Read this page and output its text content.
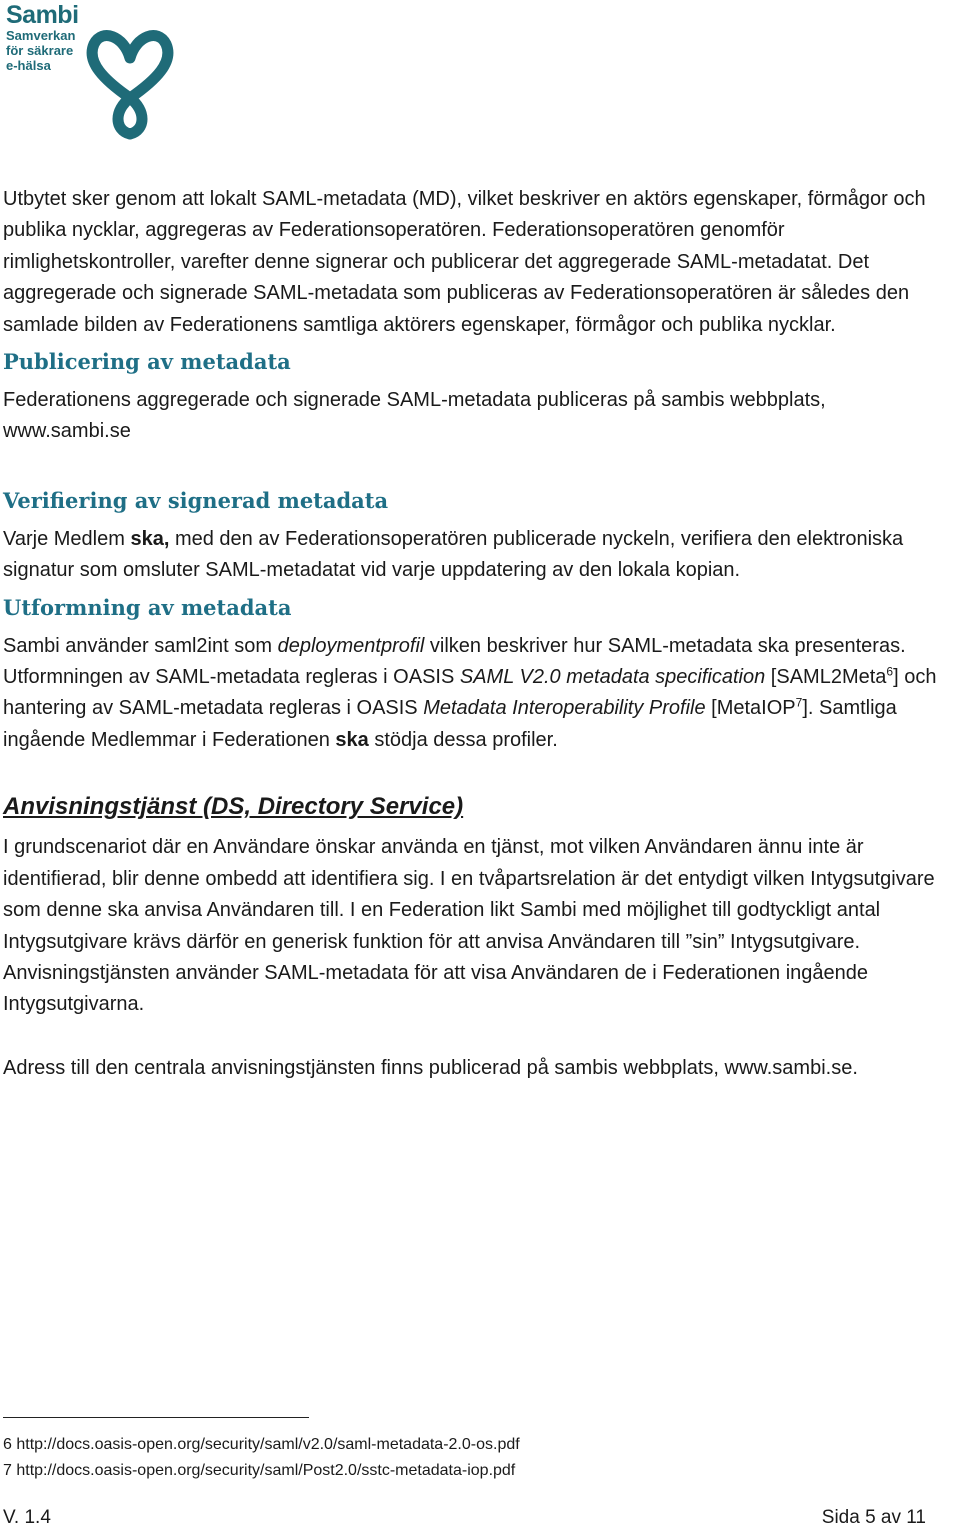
Sambi
Samverkan
för säkrare
e-hälsa

Utbytet sker genom att lokalt SAML-metadata (MD), vilket beskriver en aktörs egenskaper, förmågor och publika nycklar, aggregeras av Federationsoperatören. Federationsoperatören genomför rimlighetskontroller, varefter denne signerar och publicerar det aggregerade SAML-metadatat. Det aggregerade och signerade SAML-metadata som publiceras av Federationsoperatören är således den samlade bilden av Federationens samtliga aktörers egenskaper, förmågor och publika nycklar.

Publicering av metadata

Federationens aggregerade och signerade SAML-metadata publiceras på sambis webbplats, www.sambi.se

Verifiering av signerad metadata

Varje Medlem ska, med den av Federationsoperatören publicerade nyckeln, verifiera den elektroniska signatur som omsluter SAML-metadatat vid varje uppdatering av den lokala kopian.

Utformning av metadata

Sambi använder saml2int som deploymentprofil vilken beskriver hur SAML-metadata ska presenteras. Utformningen av SAML-metadata regleras i OASIS SAML V2.0 metadata specification [SAML2Meta$^6$] och hantering av SAML-metadata regleras i OASIS Metadata Interoperability Profile [MetaIOP$^7$]. Samtliga ingående Medlemmar i Federationen ska stödja dessa profiler.

Anvisningstjänst (DS, Directory Service)

I grundscenariot där en Användare önskar använda en tjänst, mot vilken Användaren ännu inte är identifierad, blir denne ombedd att identifiera sig. I en tvåpartsrelation är det entydigt vilken Intygsutgivare som denne ska anvisa Användaren till. I en Federation likt Sambi med möjlighet till godtyckligt antal Intygsutgivare krävs därför en generisk funktion för att anvisa Användaren till ”sin” Intygsutgivare.

Anvisningstjänsten använder SAML-metadata för att visa Användaren de i Federationen ingående Intygsutgivarna.

Adress till den centrala anvisningstjänsten finns publicerad på sambis webbplats, www.sambi.se.

6 http://docs.oasis-open.org/security/saml/v2.0/saml-metadata-2.0-os.pdf
7 http://docs.oasis-open.org/security/saml/Post2.0/sstc-metadata-iop.pdf
V. 1.4	Sida 5 av 11
